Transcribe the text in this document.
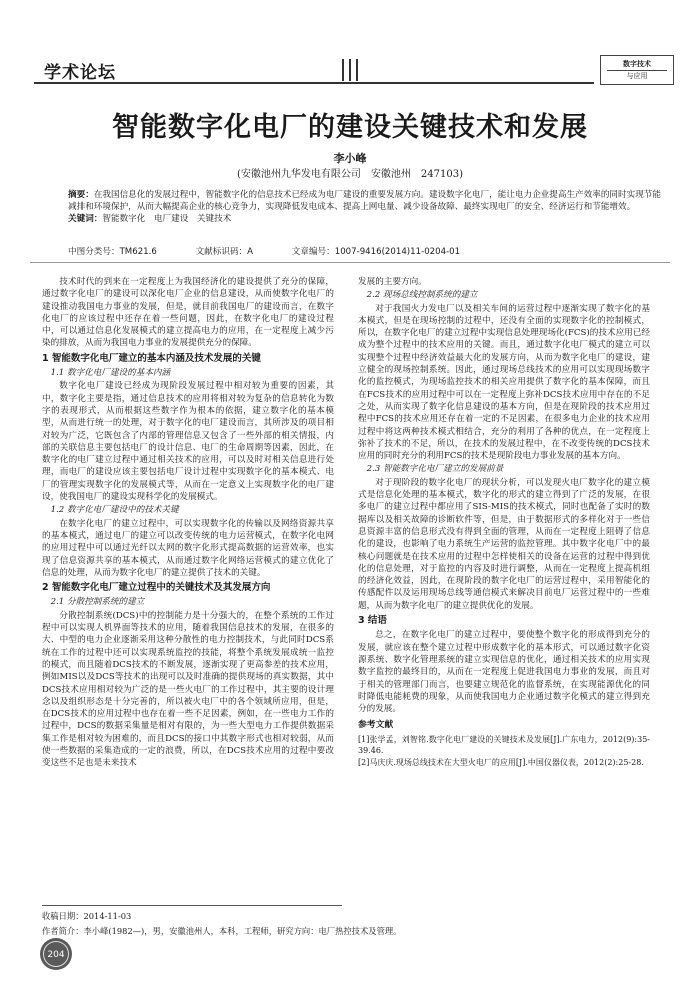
学术论坛	数字技术
与应用
智能数字化电厂的建设关键技术和发展
李小峰
(安徽池州九华发电有限公司　安徽池州　247103)
摘要：在我国信息化的发展过程中，智能数字化的信息技术已经成为电厂建设的重要发展方向。建设数字化电厂，能让电力企业提高生产效率的同时实现节能减排和环境保护，从而大幅提高企业的核心竞争力，实现降低发电成本、提高上网电量、减少设备故障、最终实现电厂的安全、经济运行和节能增效。
关键词：智能数字化　电厂建设　关键技术
中图分类号：TM621.6	文献标识码：A	文章编号：1007-9416(2014)11-0204-01

技术时代的到来在一定程度上为我国经济化的建设提供了充分的保障，通过数字化电厂的建设可以深化电厂企业的信息建设，从而使数字化电厂的建设推动我国电力事业的发展，但是，就目前我国电厂的建设而言，在数字化电厂的应该过程中还存在着一些问题，因此，在数字化电厂的建设过程中，可以通过信息化发展模式的建立提高电力的应用，在一定程度上减少污染的排放，从而为我国电力事业的发展提供充分的保障。

1 智能数字化电厂建立的基本内涵及技术发展的关键
1.1 数字化电厂建设的基本内涵

数字化电厂建设已经成为现阶段发展过程中相对较为重要的因素，其中，数字化主要是指，通过信息技术的应用将相对较为复杂的信息转化为数字的表现形式，从而根据这些数字作为根本的依据，建立数字化的基本模型，从而进行统一的处理，对于数字化的电厂建设而言，其所涉及的项目相对较为广泛，它既包含了内部的管理信息又包含了一些外部的相关情报，内部的关联信息主要包括电厂的设计信息、电厂的生命周期等因素，因此，在数字化的电厂建立过程中通过相关技术的应用，可以及时对相关信息进行处理，而电厂的建设应该主要包括电厂设计过程中实现数字化的基本模式、电厂的管理实现数字化的发展模式等，从而在一定意义上实现数字化的电厂建设，使我国电厂的建设实现科学化的发展模式。

1.2 数字化电厂建设中的技术关键

在数字化电厂的建立过程中，可以实现数字化的传输以及网络资源共享的基本模式，通过电厂的建立可以改变传统的电力运营模式，在数字化电网的应用过程中可以通过光纤以太网的数字化形式提高数据的运营效率，也实现了信息资源共享的基本模式，从而通过数字化网络运营模式的建立优化了信息的处理，从而为数字化电厂的建立提供了技术的关键。

2 智能数字化电厂建立过程中的关键技术及其发展方向
2.1 分散控制系统的建立

分散控制系统(DCS)中的控制能力是十分强大的，在整个系统的工作过程中可以实现人机界面等技术的应用，随着我国信息技术的发展，在很多的大、中型的电力企业逐渐采用这种分散性的电力控制技术，与此同时DCS系统在工作的过程中还可以实现系统监控的技能，将整个系统发展成统一监控的模式，而且随着DCS技术的不断发展，逐渐实现了更高参差的技术应用，例如MIS以及DCS等技术的出现可以及时准确的提供现场的真实数据，其中DCS技术应用相对较为广泛的是一些火电厂的工作过程中，其主要的设计理念以及组织形态是十分完善的，所以被火电厂中的各个领域所应用，但是，在DCS技术的应用过程中也存在着一些不足因素，例如，在一些电力工作的过程中，DCS的数据采集量是相对有限的，为一些大型电力工作提供数据采集工作是相对较为困难的，而且DCS的接口中其数字形式也相对较弱，从而使一些数据的采集造成的一定的浪费，所以，在DCS技术应用的过程中要改变这些不足也是未来技术

发展的主要方向。

2.2 现场总线控制系统的建立

对于我国火力发电厂以及相关车间的运营过程中逐渐实现了数字化的基本模式，但是在现场控制的过程中，还没有全面的实现数字化的控制模式，所以，在数字化电厂的建立过程中实现信息处理现场化(FCS)的技术应用已经成为整个过程中的技术应用的关键。而且，通过数字化电厂模式的建立可以实现整个过程中经济效益最大化的发展方向，从而为数字化电厂的建设，建立健全的现场控制系统。因此，通过现场总线技术的应用可以实现现场数字化的监控模式，为现场监控技术的相关应用提供了数字化的基本保障，而且在FCS技术的应用过程中可以在一定程度上弥补DCS技术应用中存在的不足之处，从而实现了数字化信息建设的基本方向，但是在现阶段的技术应用过程中FCS的技术应用还存在着一定的不足因素，在很多电力企业的技术应用过程中将这两种技术模式相结合，充分的利用了各种的优点，在一定程度上弥补了技术的不足，所以，在技术的发展过程中，在不改变传统的DCS技术应用的同时充分的利用FCS的技术是现阶段电力事业发展的基本方向。

2.3 智能数字化电厂建立的发展前景

对于现阶段的数字化电厂的现状分析，可以发现火电厂数字化的建立模式是信息化处理的基本模式，数字化的形式的建立得到了广泛的发展，在很多电厂的建立过程中都应用了SIS-MIS的技术模式，同时也配备了实时的数据库以及相关故障的诊断软件等，但是，由于数据形式的多样化对于一些信息资源丰富的信息形式没有得到全面的管理，从而在一定程度上阻碍了信息化的建设，也影响了电力系统生产运营的监控管理。其中数字化电厂中的最核心问题就是在技术应用的过程中怎样使相关的设备在运营的过程中得到优化的信息处理，对于监控的内容及时进行调整，从而在一定程度上提高机组的经济化效益，因此，在现阶段的数字化电厂的运营过程中，采用智能化的传感配件以及运用现场总线等通信模式来解决目前电厂运营过程中的一些难题，从而为数字化电厂的建立提供优化的发展。

3 结语

总之，在数字化电厂的建立过程中，要使整个数字化的形成得到充分的发展，就应该在整个建立过程中形成数字化的基本形式，可以通过数字化资源系统、数字化管理系统的建立实现信息的优化，通过相关技术的应用实现数字监控的最终目的，从而在一定程度上促进我国电力事业的发展，而且对于相关的管理部门而言，也要建立规范化的监督系统，在实现能源优化的同时降低电能耗费的现象，从而使我国电力企业通过数字化模式的建立得到充分的发展。

参考文献

[1]张学孟，刘智铭.数字化电厂建设的关键技术及发展[J].广东电力，2012(9):35-39.46.

[2]马庆庆.现场总线技术在大型火电厂的应用[J].中国仪器仪表，2012(2):25-28.

收稿日期：2014-11-03
作者简介：李小峰(1982—)，男，安徽池州人，本科，工程师，研究方向：电厂热控技术及管理。
204
